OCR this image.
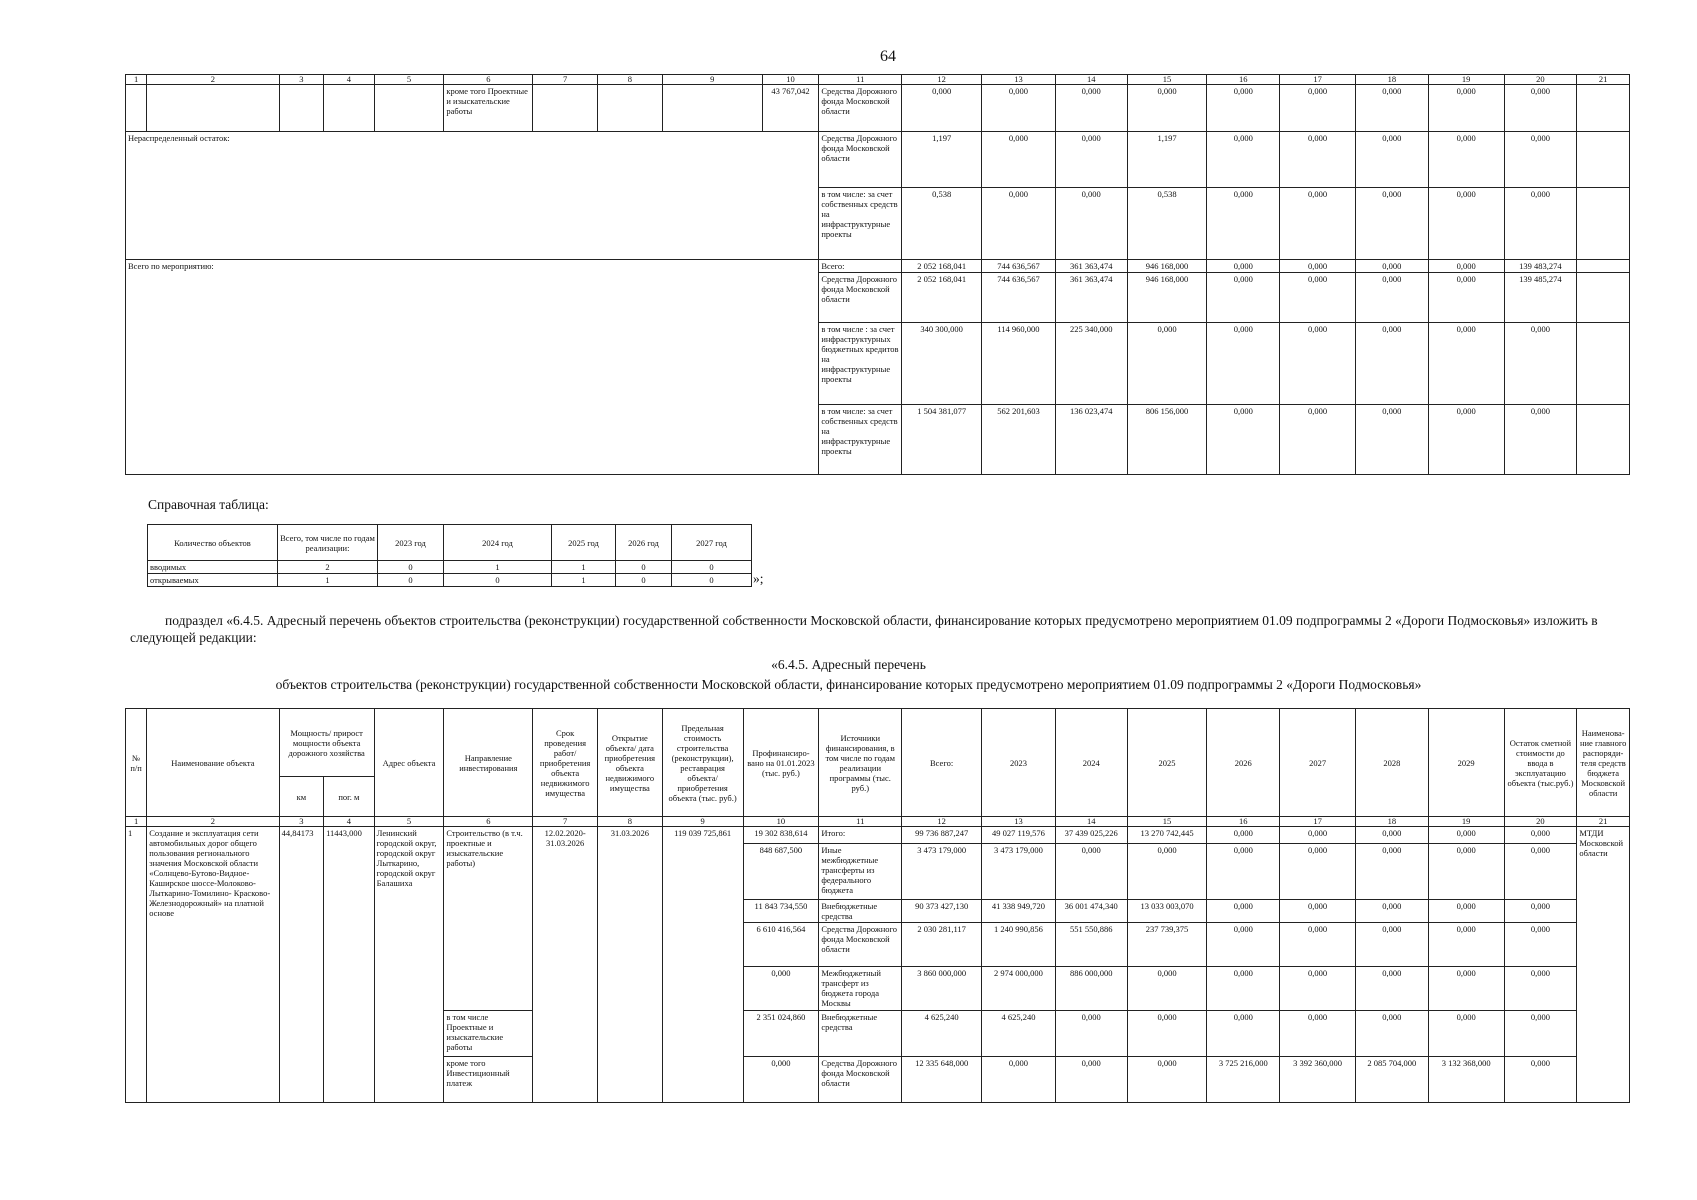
64
1	2	3	4	5	6	7	8	9	10	11	12	13	14	15	16	17	18	19	20	21
					кроме того Проектные и изыскательские работы				43 767,042	Средства Дорожного фонда Московской области	0,000	0,000	0,000	0,000	0,000	0,000	0,000	0,000	0,000	
Нераспределенный остаток:										Средства Дорожного фонда Московской области	1,197	0,000	0,000	1,197	0,000	0,000	0,000	0,000	0,000	
										в том числе: за счет собственных средств на инфраструктурные проекты	0,538	0,000	0,000	0,538	0,000	0,000	0,000	0,000	0,000	
Всего по мероприятию:										Всего:	2 052 168,041	744 636,567	361 363,474	946 168,000	0,000	0,000	0,000	0,000	139 483,274	
										Средства Дорожного фонда Московской области	2 052 168,041	744 636,567	361 363,474	946 168,000	0,000	0,000	0,000	0,000	139 485,274	
										в том числе : за счет инфраструктурных бюджетных кредитов на инфраструктурные проекты	340 300,000	114 960,000	225 340,000	0,000	0,000	0,000	0,000	0,000	0,000	
										в том числе: за счет собственных средств на инфраструктурные проекты	1 504 381,077	562 201,603	136 023,474	806 156,000	0,000	0,000	0,000	0,000	0,000	
Справочная таблица:
Количество объектов	Всего, том числе по годам реализации:	2023 год	2024 год	2025 год	2026 год	2027 год
вводимых	2	0	1	1	0	0
открываемых	1	0	0	1	0	0	»;
подраздел «6.4.5. Адресный перечень объектов строительства (реконструкции) государственной собственности Московской области, финансирование которых предусмотрено мероприятием 01.09 подпрограммы 2 «Дороги Подмосковья» изложить в следующей редакции:
«6.4.5. Адресный перечень
объектов строительства (реконструкции) государственной собственности Московской области, финансирование которых предусмотрено мероприятием 01.09 подпрограммы 2 «Дороги Подмосковья»
№ п/п	Наименование объекта	Мощность/ прирост мощности объекта дорожного хозяйства		Адрес объекта	Направление инвестирования	Срок проведения работ/ приобретения объекта недвижимого имущества	Открытие объекта/ дата приобретения объекта недвижимого имущества	Предельная стоимость строительства (реконструкции), реставрация объекта/ приобретения объекта (тыс. руб.)	Профинансиро-вано на 01.01.2023 (тыс. руб.)	Источники финансирования, в том числе по годам реализации программы (тыс. руб.)	Всего:	2023	2024	2025	2026	2027	2028	2029	Остаток сметной стоимости до ввода в эксплуатацию объекта (тыс.руб.)	Наименова-ние главного распоряди-теля средств бюджета Московской области
		км	пог. м																	
1	2	3	4	5	6	7	8	9	10	11	12	13	14	15	16	17	18	19	20	21
1	Создание и эксплуатация сети автомобильных дорог общего пользования регионального значения Московской области «Солнцево-Бутово-Видное-Каширское шоссе-Молоково-Лыткарино-Томилино- Красково-Железнодорожный» на платной основе	44,84173	11443,000	Ленинский городской округ, городской округ Лыткарино, городской округ Балашиха	Строительство (в т.ч. проектные и изыскательские работы)	12.02.2020-31.03.2026	31.03.2026	119 039 725,861	19 302 838,614	Итого:	99 736 887,247	49 027 119,576	37 439 025,226	13 270 742,445	0,000	0,000	0,000	0,000	0,000	МТДИ Московской области
									848 687,500	Иные межбюджетные трансферты из федерального бюджета	3 473 179,000	3 473 179,000	0,000	0,000	0,000	0,000	0,000	0,000	0,000	
									11 843 734,550	Внебюджетные средства	90 373 427,130	41 338 949,720	36 001 474,340	13 033 003,070	0,000	0,000	0,000	0,000	0,000	
									6 610 416,564	Средства Дорожного фонда Московской области	2 030 281,117	1 240 990,856	551 550,886	237 739,375	0,000	0,000	0,000	0,000	0,000	
									0,000	Межбюджетный трансферт из бюджета города Москвы	3 860 000,000	2 974 000,000	886 000,000	0,000	0,000	0,000	0,000	0,000	0,000	
					в том числе Проектные и изыскательские работы				2 351 024,860	Внебюджетные средства	4 625,240	4 625,240	0,000	0,000	0,000	0,000	0,000	0,000	0,000	
					кроме того Инвестиционный платеж				0,000	Средства Дорожного фонда Московской области	12 335 648,000	0,000	0,000	0,000	3 725 216,000	3 392 360,000	2 085 704,000	3 132 368,000	0,000	
